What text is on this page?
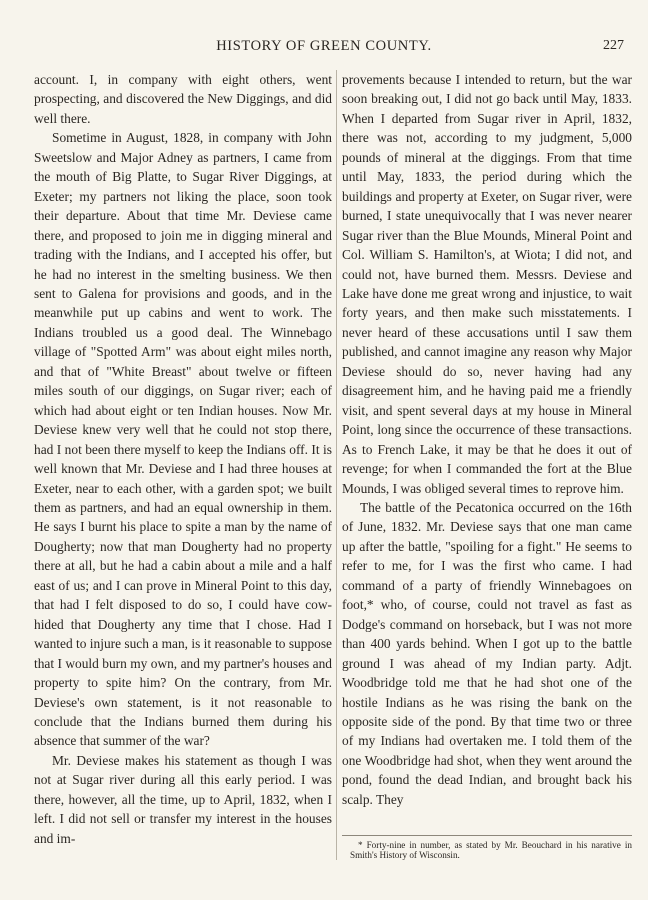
HISTORY OF GREEN COUNTY.	227

account. I, in company with eight others, went prospecting, and discovered the New Diggings, and did well there.

Sometime in August, 1828, in company with John Sweetslow and Major Adney as partners, I came from the mouth of Big Platte, to Sugar River Diggings, at Exeter; my partners not liking the place, soon took their departure. About that time Mr. Deviese came there, and proposed to join me in digging mineral and trading with the Indians, and I accepted his offer, but he had no interest in the smelting business. We then sent to Galena for provisions and goods, and in the meanwhile put up cabins and went to work. The Indians troubled us a good deal. The Winnebago village of "Spotted Arm" was about eight miles north, and that of "White Breast" about twelve or fifteen miles south of our diggings, on Sugar river; each of which had about eight or ten Indian houses. Now Mr. Deviese knew very well that he could not stop there, had I not been there myself to keep the Indians off. It is well known that Mr. Deviese and I had three houses at Exeter, near to each other, with a garden spot; we built them as partners, and had an equal ownership in them. He says I burnt his place to spite a man by the name of Dougherty; now that man Dougherty had no property there at all, but he had a cabin about a mile and a half east of us; and I can prove in Mineral Point to this day, that had I felt disposed to do so, I could have cow-hided that Dougherty any time that I chose. Had I wanted to injure such a man, is it reasonable to suppose that I would burn my own, and my partner's houses and property to spite him? On the contrary, from Mr. Deviese's own statement, is it not reasonable to conclude that the Indians burned them during his absence that summer of the war?

Mr. Deviese makes his statement as though I was not at Sugar river during all this early period. I was there, however, all the time, up to April, 1832, when I left. I did not sell or transfer my interest in the houses and im-

provements because I intended to return, but the war soon breaking out, I did not go back until May, 1833. When I departed from Sugar river in April, 1832, there was not, according to my judgment, 5,000 pounds of mineral at the diggings. From that time until May, 1833, the period during which the buildings and property at Exeter, on Sugar river, were burned, I state unequivocally that I was never nearer Sugar river than the Blue Mounds, Mineral Point and Col. William S. Hamilton's, at Wiota; I did not, and could not, have burned them. Messrs. Deviese and Lake have done me great wrong and injustice, to wait forty years, and then make such misstatements. I never heard of these accusations until I saw them published, and cannot imagine any reason why Major Deviese should do so, never having had any disagreement him, and he having paid me a friendly visit, and spent several days at my house in Mineral Point, long since the occurrence of these transactions. As to French Lake, it may be that he does it out of revenge; for when I commanded the fort at the Blue Mounds, I was obliged several times to reprove him.

The battle of the Pecatonica occurred on the 16th of June, 1832. Mr. Deviese says that one man came up after the battle, "spoiling for a fight." He seems to refer to me, for I was the first who came. I had command of a party of friendly Winnebagoes on foot,* who, of course, could not travel as fast as Dodge's command on horseback, but I was not more than 400 yards behind. When I got up to the battle ground I was ahead of my Indian party. Adjt. Woodbridge told me that he had shot one of the hostile Indians as he was rising the bank on the opposite side of the pond. By that time two or three of my Indians had overtaken me. I told them of the one Woodbridge had shot, when they went around the pond, found the dead Indian, and brought back his scalp. They

* Forty-nine in number, as stated by Mr. Beouchard in his narative in Smith's History of Wisconsin.
